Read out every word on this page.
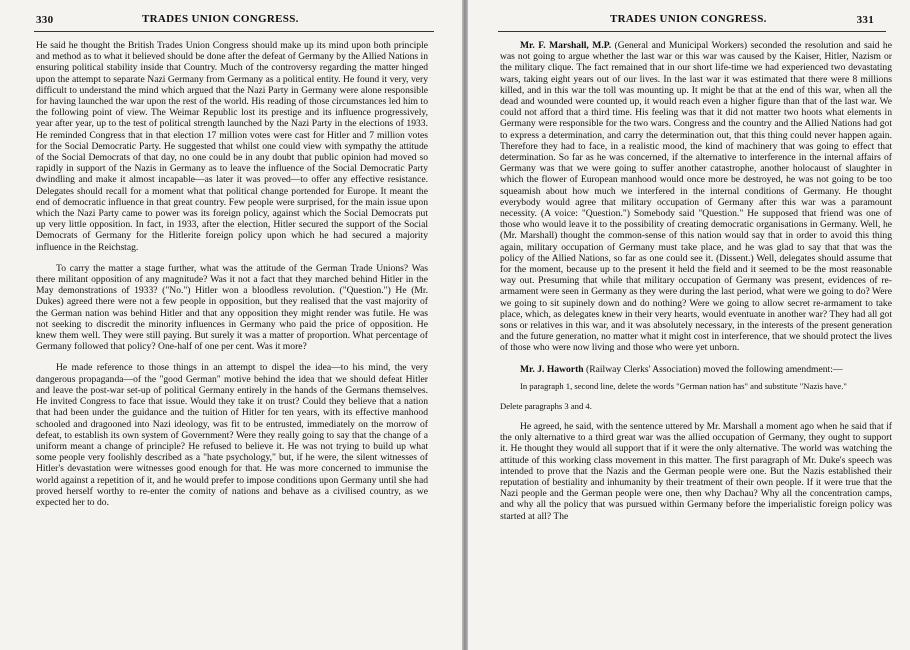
330	TRADES UNION CONGRESS.

He said he thought the British Trades Union Congress should make up its mind upon both principle and method as to what it believed should be done after the defeat of Germany by the Allied Nations in ensuring political stability inside that Country. Much of the controversy regarding the matter hinged upon the attempt to separate Nazi Germany from Germany as a political entity. He found it very, very difficult to understand the mind which argued that the Nazi Party in Germany were alone responsible for having launched the war upon the rest of the world. His reading of those circumstances led him to the following point of view. The Weimar Republic lost its prestige and its influence progressively, year after year, up to the test of political strength launched by the Nazi Party in the elections of 1933. He reminded Congress that in that election 17 million votes were cast for Hitler and 7 million votes for the Social Democratic Party. He suggested that whilst one could view with sympathy the attitude of the Social Democrats of that day, no one could be in any doubt that public opinion had moved so rapidly in support of the Nazis in Germany as to leave the influence of the Social Democratic Party dwindling and make it almost incapable—as later it was proved—to offer any effective resistance. Delegates should recall for a moment what that political change portended for Europe. It meant the end of democratic influence in that great country. Few people were surprised, for the main issue upon which the Nazi Party came to power was its foreign policy, against which the Social Democrats put up very little opposition. In fact, in 1933, after the election, Hitler secured the support of the Social Democrats of Germany for the Hitlerite foreign policy upon which he had secured a majority influence in the Reichstag.

To carry the matter a stage further, what was the attitude of the German Trade Unions? Was there militant opposition of any magnitude? Was it not a fact that they marched behind Hitler in the May demonstrations of 1933? ("No.") Hitler won a bloodless revolution. ("Question.") He (Mr. Dukes) agreed there were not a few people in opposition, but they realised that the vast majority of the German nation was behind Hitler and that any opposition they might render was futile. He was not seeking to discredit the minority influences in Germany who paid the price of opposition. He knew them well. They were still paying. But surely it was a matter of proportion. What percentage of Germany followed that policy? One-half of one per cent. Was it more?

He made reference to those things in an attempt to dispel the idea—to his mind, the very dangerous propaganda—of the "good German" motive behind the idea that we should defeat Hitler and leave the post-war set-up of political Germany entirely in the hands of the Germans themselves. He invited Congress to face that issue. Would they take it on trust? Could they believe that a nation that had been under the guidance and the tuition of Hitler for ten years, with its effective manhood schooled and dragooned into Nazi ideology, was fit to be entrusted, immediately on the morrow of defeat, to establish its own system of Government? Were they really going to say that the change of a uniform meant a change of principle? He refused to believe it. He was not trying to build up what some people very foolishly described as a "hate psychology," but, if he were, the silent witnesses of Hitler's devastation were witnesses good enough for that. He was more concerned to immunise the world against a repetition of it, and he would prefer to impose conditions upon Germany until she had proved herself worthy to re-enter the comity of nations and behave as a civilised country, as we expected her to do.

TRADES UNION CONGRESS.	331

Mr. F. Marshall, M.P. (General and Municipal Workers) seconded the resolution and said he was not going to argue whether the last war or this war was caused by the Kaiser, Hitler, Nazism or the military clique. The fact remained that in our short life-time we had experienced two devastating wars, taking eight years out of our lives. In the last war it was estimated that there were 8 millions killed, and in this war the toll was mounting up. It might be that at the end of this war, when all the dead and wounded were counted up, it would reach even a higher figure than that of the last war. We could not afford that a third time. His feeling was that it did not matter two hoots what elements in Germany were responsible for the two wars. Congress and the country and the Allied Nations had got to express a determination, and carry the determination out, that this thing could never happen again. Therefore they had to face, in a realistic mood, the kind of machinery that was going to effect that determination. So far as he was concerned, if the alternative to interference in the internal affairs of Germany was that we were going to suffer another catastrophe, another holocaust of slaughter in which the flower of European manhood would once more be destroyed, he was not going to be too squeamish about how much we interfered in the internal conditions of Germany. He thought everybody would agree that military occupation of Germany after this war was a paramount necessity. (A voice: "Question.") Somebody said "Question." He supposed that friend was one of those who would leave it to the possibility of creating democratic organisations in Germany. Well, he (Mr. Marshall) thought the common-sense of this nation would say that in order to avoid this thing again, military occupation of Germany must take place, and he was glad to say that that was the policy of the Allied Nations, so far as one could see it. (Dissent.) Well, delegates should assume that for the moment, because up to the present it held the field and it seemed to be the most reasonable way out. Presuming that while that military occupation of Germany was present, evidences of re-armament were seen in Germany as they were during the last period, what were we going to do? Were we going to sit supinely down and do nothing? Were we going to allow secret re-armament to take place, which, as delegates knew in their very hearts, would eventuate in another war? They had all got sons or relatives in this war, and it was absolutely necessary, in the interests of the present generation and the future generation, no matter what it might cost in interference, that we should protect the lives of those who were now living and those who were yet unborn.

Mr. J. Haworth (Railway Clerks' Association) moved the following amendment:—

In paragraph 1, second line, delete the words "German nation has" and substitute "Nazis have."

Delete paragraphs 3 and 4.

He agreed, he said, with the sentence uttered by Mr. Marshall a moment ago when he said that if the only alternative to a third great war was the allied occupation of Germany, they ought to support it. He thought they would all support that if it were the only alternative. The world was watching the attitude of this working class movement in this matter. The first paragraph of Mr. Duke's speech was intended to prove that the Nazis and the German people were one. But the Nazis established their reputation of bestiality and inhumanity by their treatment of their own people. If it were true that the Nazi people and the German people were one, then why Dachau? Why all the concentration camps, and why all the policy that was pursued within Germany before the imperialistic foreign policy was started at all? The
